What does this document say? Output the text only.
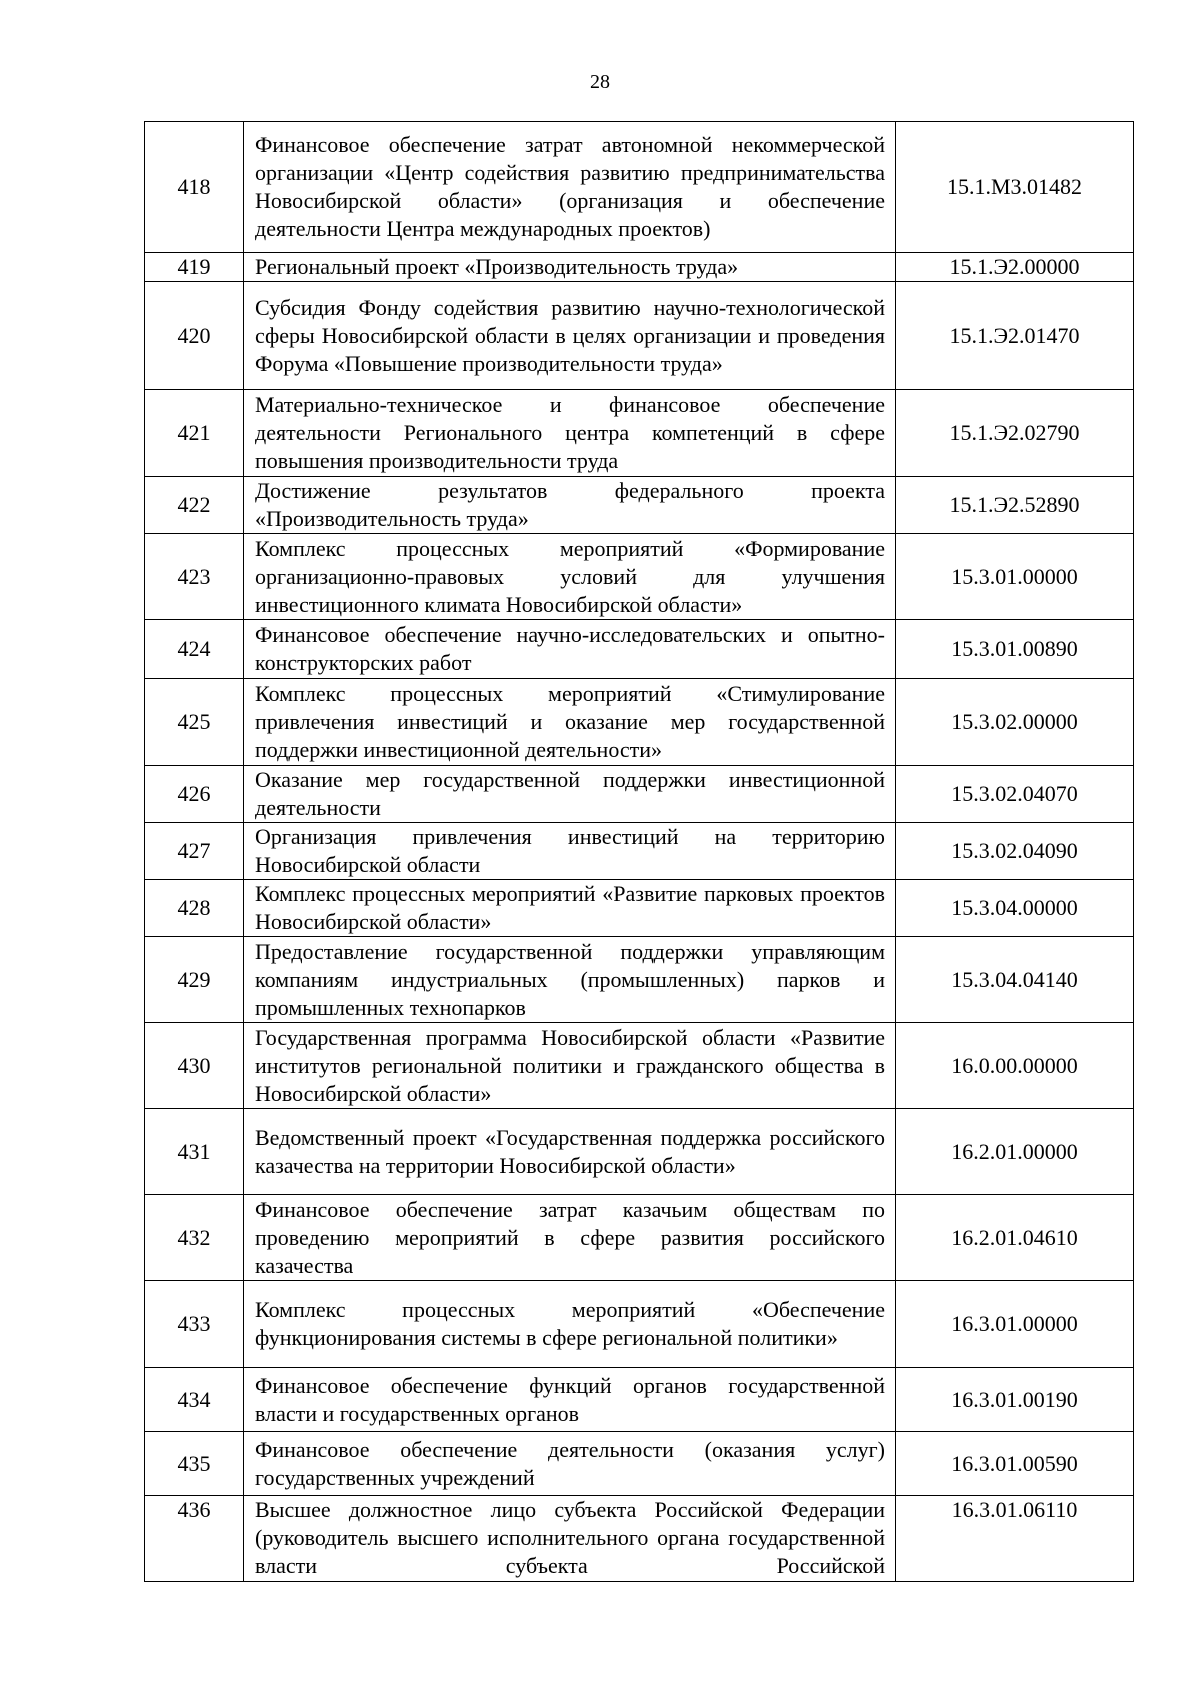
28
418	Финансовое обеспечение затрат автономной некоммерческой организации «Центр содействия развитию предпринимательства Новосибирской области» (организация и обеспечение деятельности Центра международных проектов)	15.1.М3.01482
419	Региональный проект «Производительность труда»	15.1.Э2.00000
420	Субсидия Фонду содействия развитию научно-технологической сферы Новосибирской области в целях организации и проведения Форума «Повышение производительности труда»	15.1.Э2.01470
421	Материально-техническое и финансовое обеспечение деятельности Регионального центра компетенций в сфере повышения производительности труда	15.1.Э2.02790
422	Достижение результатов федерального проекта «Производительность труда»	15.1.Э2.52890
423	Комплекс процессных мероприятий «Формирование организационно-правовых условий для улучшения инвестиционного климата Новосибирской области»	15.3.01.00000
424	Финансовое обеспечение научно-исследовательских и опытно-конструкторских работ	15.3.01.00890
425	Комплекс процессных мероприятий «Стимулирование привлечения инвестиций и оказание мер государственной поддержки инвестиционной деятельности»	15.3.02.00000
426	Оказание мер государственной поддержки инвестиционной деятельности	15.3.02.04070
427	Организация привлечения инвестиций на территорию Новосибирской области	15.3.02.04090
428	Комплекс процессных мероприятий «Развитие парковых проектов Новосибирской области»	15.3.04.00000
429	Предоставление государственной поддержки управляющим компаниям индустриальных (промышленных) парков и промышленных технопарков	15.3.04.04140
430	Государственная программа Новосибирской области «Развитие институтов региональной политики и гражданского общества в Новосибирской области»	16.0.00.00000
431	Ведомственный проект «Государственная поддержка российского казачества на территории Новосибирской области»	16.2.01.00000
432	Финансовое обеспечение затрат казачьим обществам по проведению мероприятий в сфере развития российского казачества	16.2.01.04610
433	Комплекс процессных мероприятий «Обеспечение функционирования системы в сфере региональной политики»	16.3.01.00000
434	Финансовое обеспечение функций органов государственной власти и государственных органов	16.3.01.00190
435	Финансовое обеспечение деятельности (оказания услуг) государственных учреждений	16.3.01.00590
436	Высшее должностное лицо субъекта Российской Федерации (руководитель высшего исполнительного органа государственной власти субъекта Российской	16.3.01.06110
